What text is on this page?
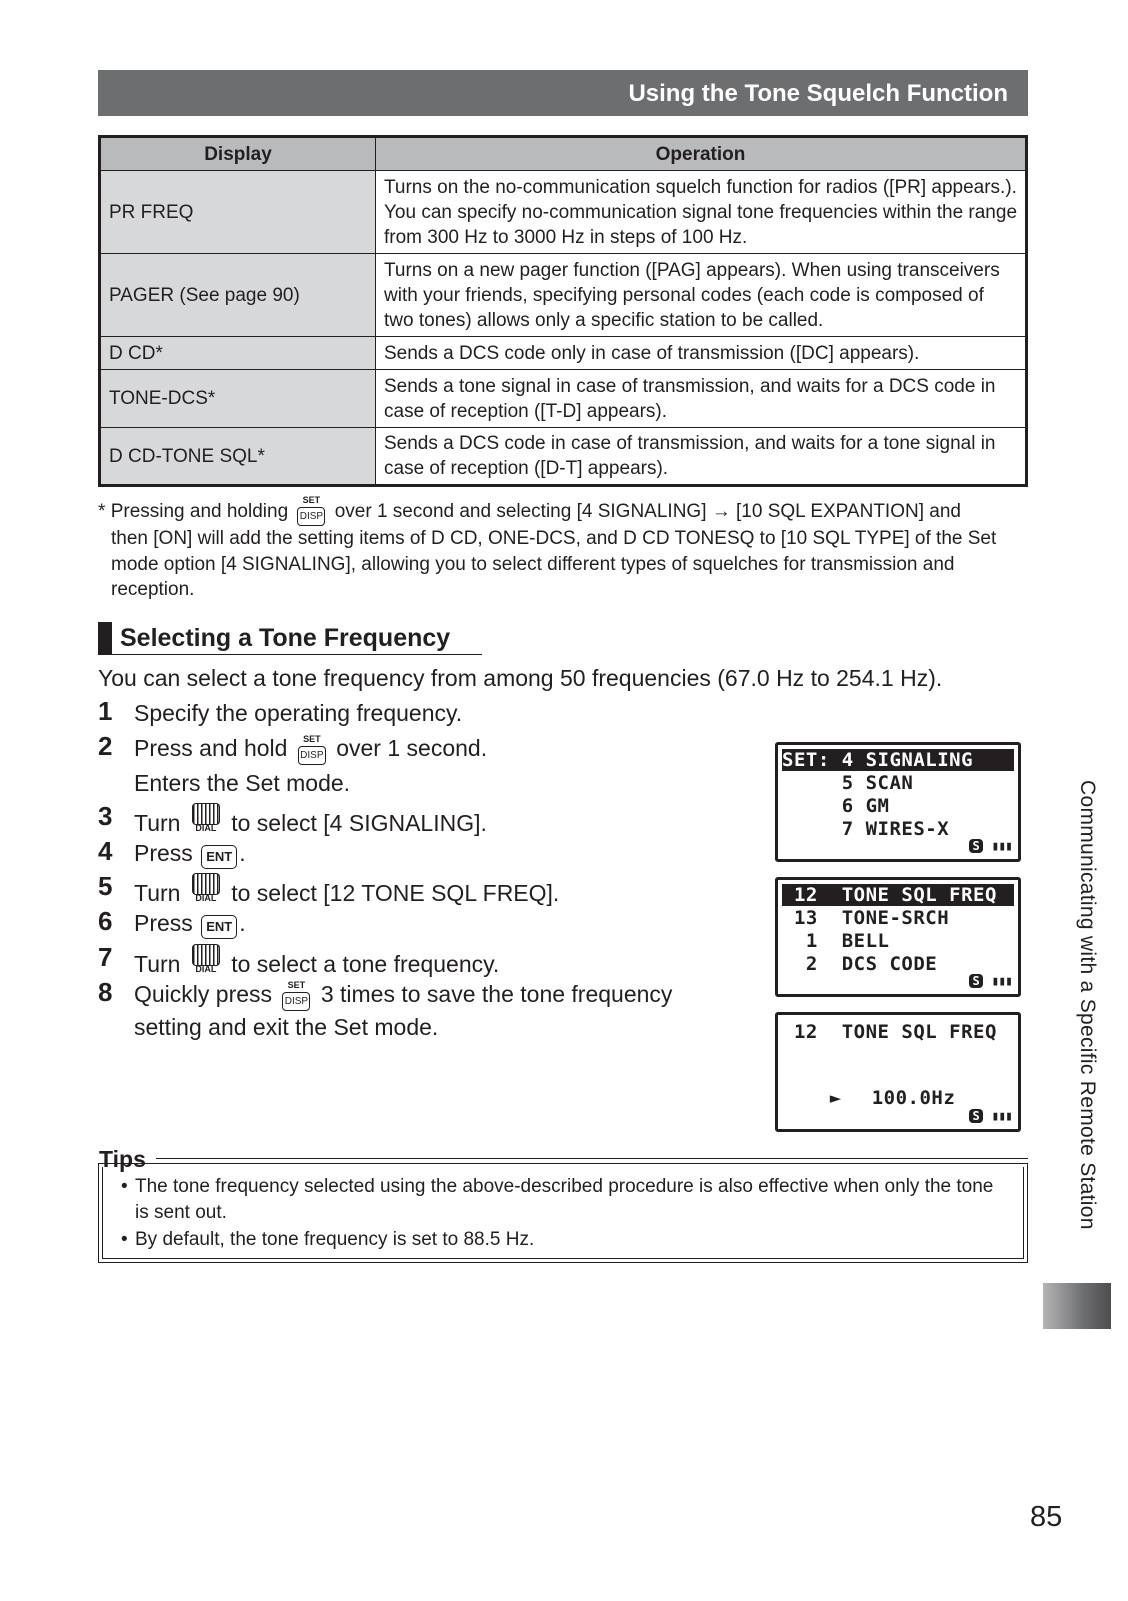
Using the Tone Squelch Function
Display	Operation
PR FREQ	Turns on the no-communication squelch function for radios ([PR] appears.). You can specify no-communication signal tone frequencies within the range from 300 Hz to 3000 Hz in steps of 100 Hz.
PAGER (See page 90)	Turns on a new pager function ([PAG] appears). When using transceivers with your friends, specifying personal codes (each code is composed of two tones) allows only a specific station to be called.
D CD*	Sends a DCS code only in case of transmission ([DC] appears).
TONE-DCS*	Sends a tone signal in case of transmission, and waits for a DCS code in case of reception ([T-D] appears).
D CD-TONE SQL*	Sends a DCS code in case of transmission, and waits for a tone signal in case of reception ([D-T] appears).
* Pressing and holding
SET
DISP over 1 second and selecting [4 SIGNALING] → [10 SQL EXPANTION] and
then [ON] will add the setting items of D CD, ONE-DCS, and D CD TONESQ to [10 SQL TYPE] of the Set mode option [4 SIGNALING], allowing you to select different types of squelches for transmission and reception.
Selecting a Tone Frequency
You can select a tone frequency from among 50 frequencies (67.0 Hz to 254.1 Hz).
1 Specify the operating frequency.
2 Press and hold	SET
DISP over 1 second.
Enters the Set mode.
3 Turn	DIAL to select [4 SIGNALING].
4 Press ENT .
5 Turn	DIAL to select [12 TONE SQL FREQ].
6 Press ENT .
7 Turn	DIAL to select a tone frequency.
8 Quickly press	SET
DISP 3 times to save the tone frequency
setting and exit the Set mode.
SET: 4 SIGNALING
5 SCAN
6 GM
7 WIRES-X
S ▮▮▮
12  TONE SQL FREQ
13  TONE-SRCH
1  BELL
2  DCS CODE
S ▮▮▮
12  TONE SQL FREQ

► 100.0Hz

S ▮▮▮
Tips
• The tone frequency selected using the above-described procedure is also effective when only the tone is sent out.
• By default, the tone frequency is set to 88.5 Hz.
Communicating with a Specific Remote Station
85
